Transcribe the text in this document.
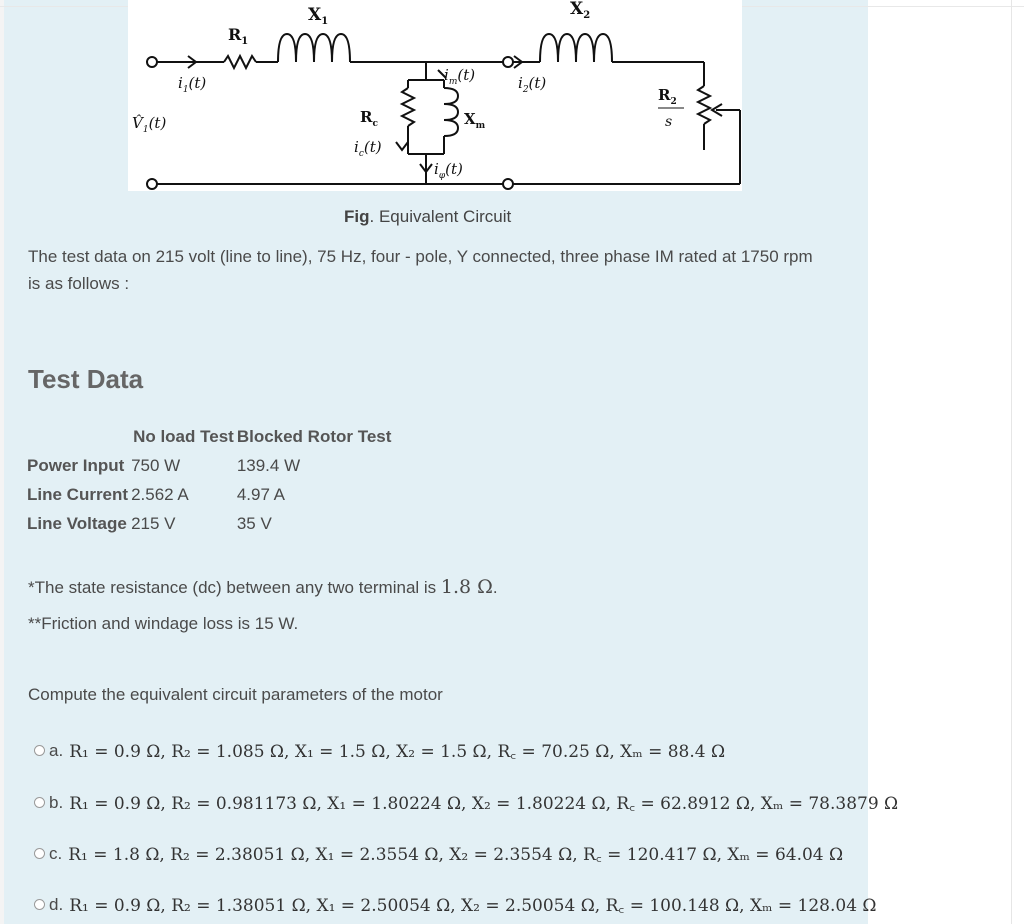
$X_1$
$X_2$
$R_1$
$i_1(t)$	$i_m(t)$	$i_2(t)$
$V̂_1(t)$	$R_c$
$i_c(t)$
$X_m$
$i_\varphi(t)$
$R_2$
s
Fig. Equivalent Circuit
The test data on 215 volt (line to line), 75 Hz, four - pole, Y connected, three phase IM rated at 1750 rpm is as follows :
Test Data
	No load Test	Blocked Rotor Test
Power Input	750 W	139.4 W
Line Current	2.562 A	4.97 A
Line Voltage	215 V	35 V
*The state resistance (dc) between any two terminal is 1.8 Ω.
**Friction and windage loss is 15 W.
Compute the equivalent circuit parameters of the motor
a. R₁ = 0.9 Ω, R₂ = 1.085 Ω, X₁ = 1.5 Ω, X₂ = 1.5 Ω, R꜀ = 70.25 Ω, Xₘ = 88.4 Ω
b. R₁ = 0.9 Ω, R₂ = 0.981173 Ω, X₁ = 1.80224 Ω, X₂ = 1.80224 Ω, R꜀ = 62.8912 Ω, Xₘ = 78.3879 Ω
c. R₁ = 1.8 Ω, R₂ = 2.38051 Ω, X₁ = 2.3554 Ω, X₂ = 2.3554 Ω, R꜀ = 120.417 Ω, Xₘ = 64.04 Ω
d. R₁ = 0.9 Ω, R₂ = 1.38051 Ω, X₁ = 2.50054 Ω, X₂ = 2.50054 Ω, R꜀ = 100.148 Ω, Xₘ = 128.04 Ω
